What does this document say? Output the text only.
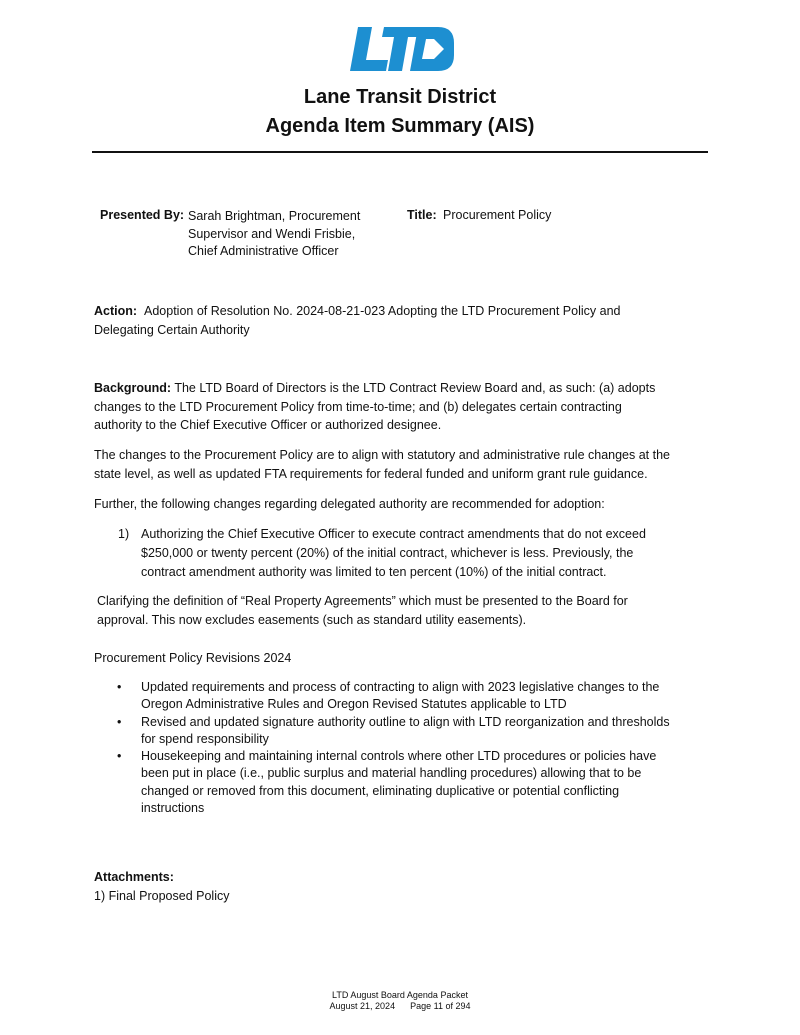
Lane Transit District
Agenda Item Summary (AIS)
Presented By: Sarah Brightman, Procurement
Supervisor and Wendi Frisbie,
Chief Administrative Officer
Title: Procurement Policy
Action: Adoption of Resolution No. 2024-08-21-023 Adopting the LTD Procurement Policy and
Delegating Certain Authority
Background: The LTD Board of Directors is the LTD Contract Review Board and, as such: (a) adopts
changes to the LTD Procurement Policy from time-to-time; and (b) delegates certain contracting
authority to the Chief Executive Officer or authorized designee.
The changes to the Procurement Policy are to align with statutory and administrative rule changes at the
state level, as well as updated FTA requirements for federal funded and uniform grant rule guidance.
Further, the following changes regarding delegated authority are recommended for adoption:
1) Authorizing the Chief Executive Officer to execute contract amendments that do not exceed
$250,000 or twenty percent (20%) of the initial contract, whichever is less. Previously, the
contract amendment authority was limited to ten percent (10%) of the initial contract.
Clarifying the definition of “Real Property Agreements” which must be presented to the Board for
approval. This now excludes easements (such as standard utility easements).
Procurement Policy Revisions 2024
• Updated requirements and process of contracting to align with 2023 legislative changes to the
Oregon Administrative Rules and Oregon Revised Statutes applicable to LTD
• Revised and updated signature authority outline to align with LTD reorganization and thresholds
for spend responsibility
• Housekeeping and maintaining internal controls where other LTD procedures or policies have
been put in place (i.e., public surplus and material handling procedures) allowing that to be
changed or removed from this document, eliminating duplicative or potential conflicting
instructions
Attachments:
1) Final Proposed Policy
LTD August Board Agenda Packet
August 21, 2024 Page 11 of 294
